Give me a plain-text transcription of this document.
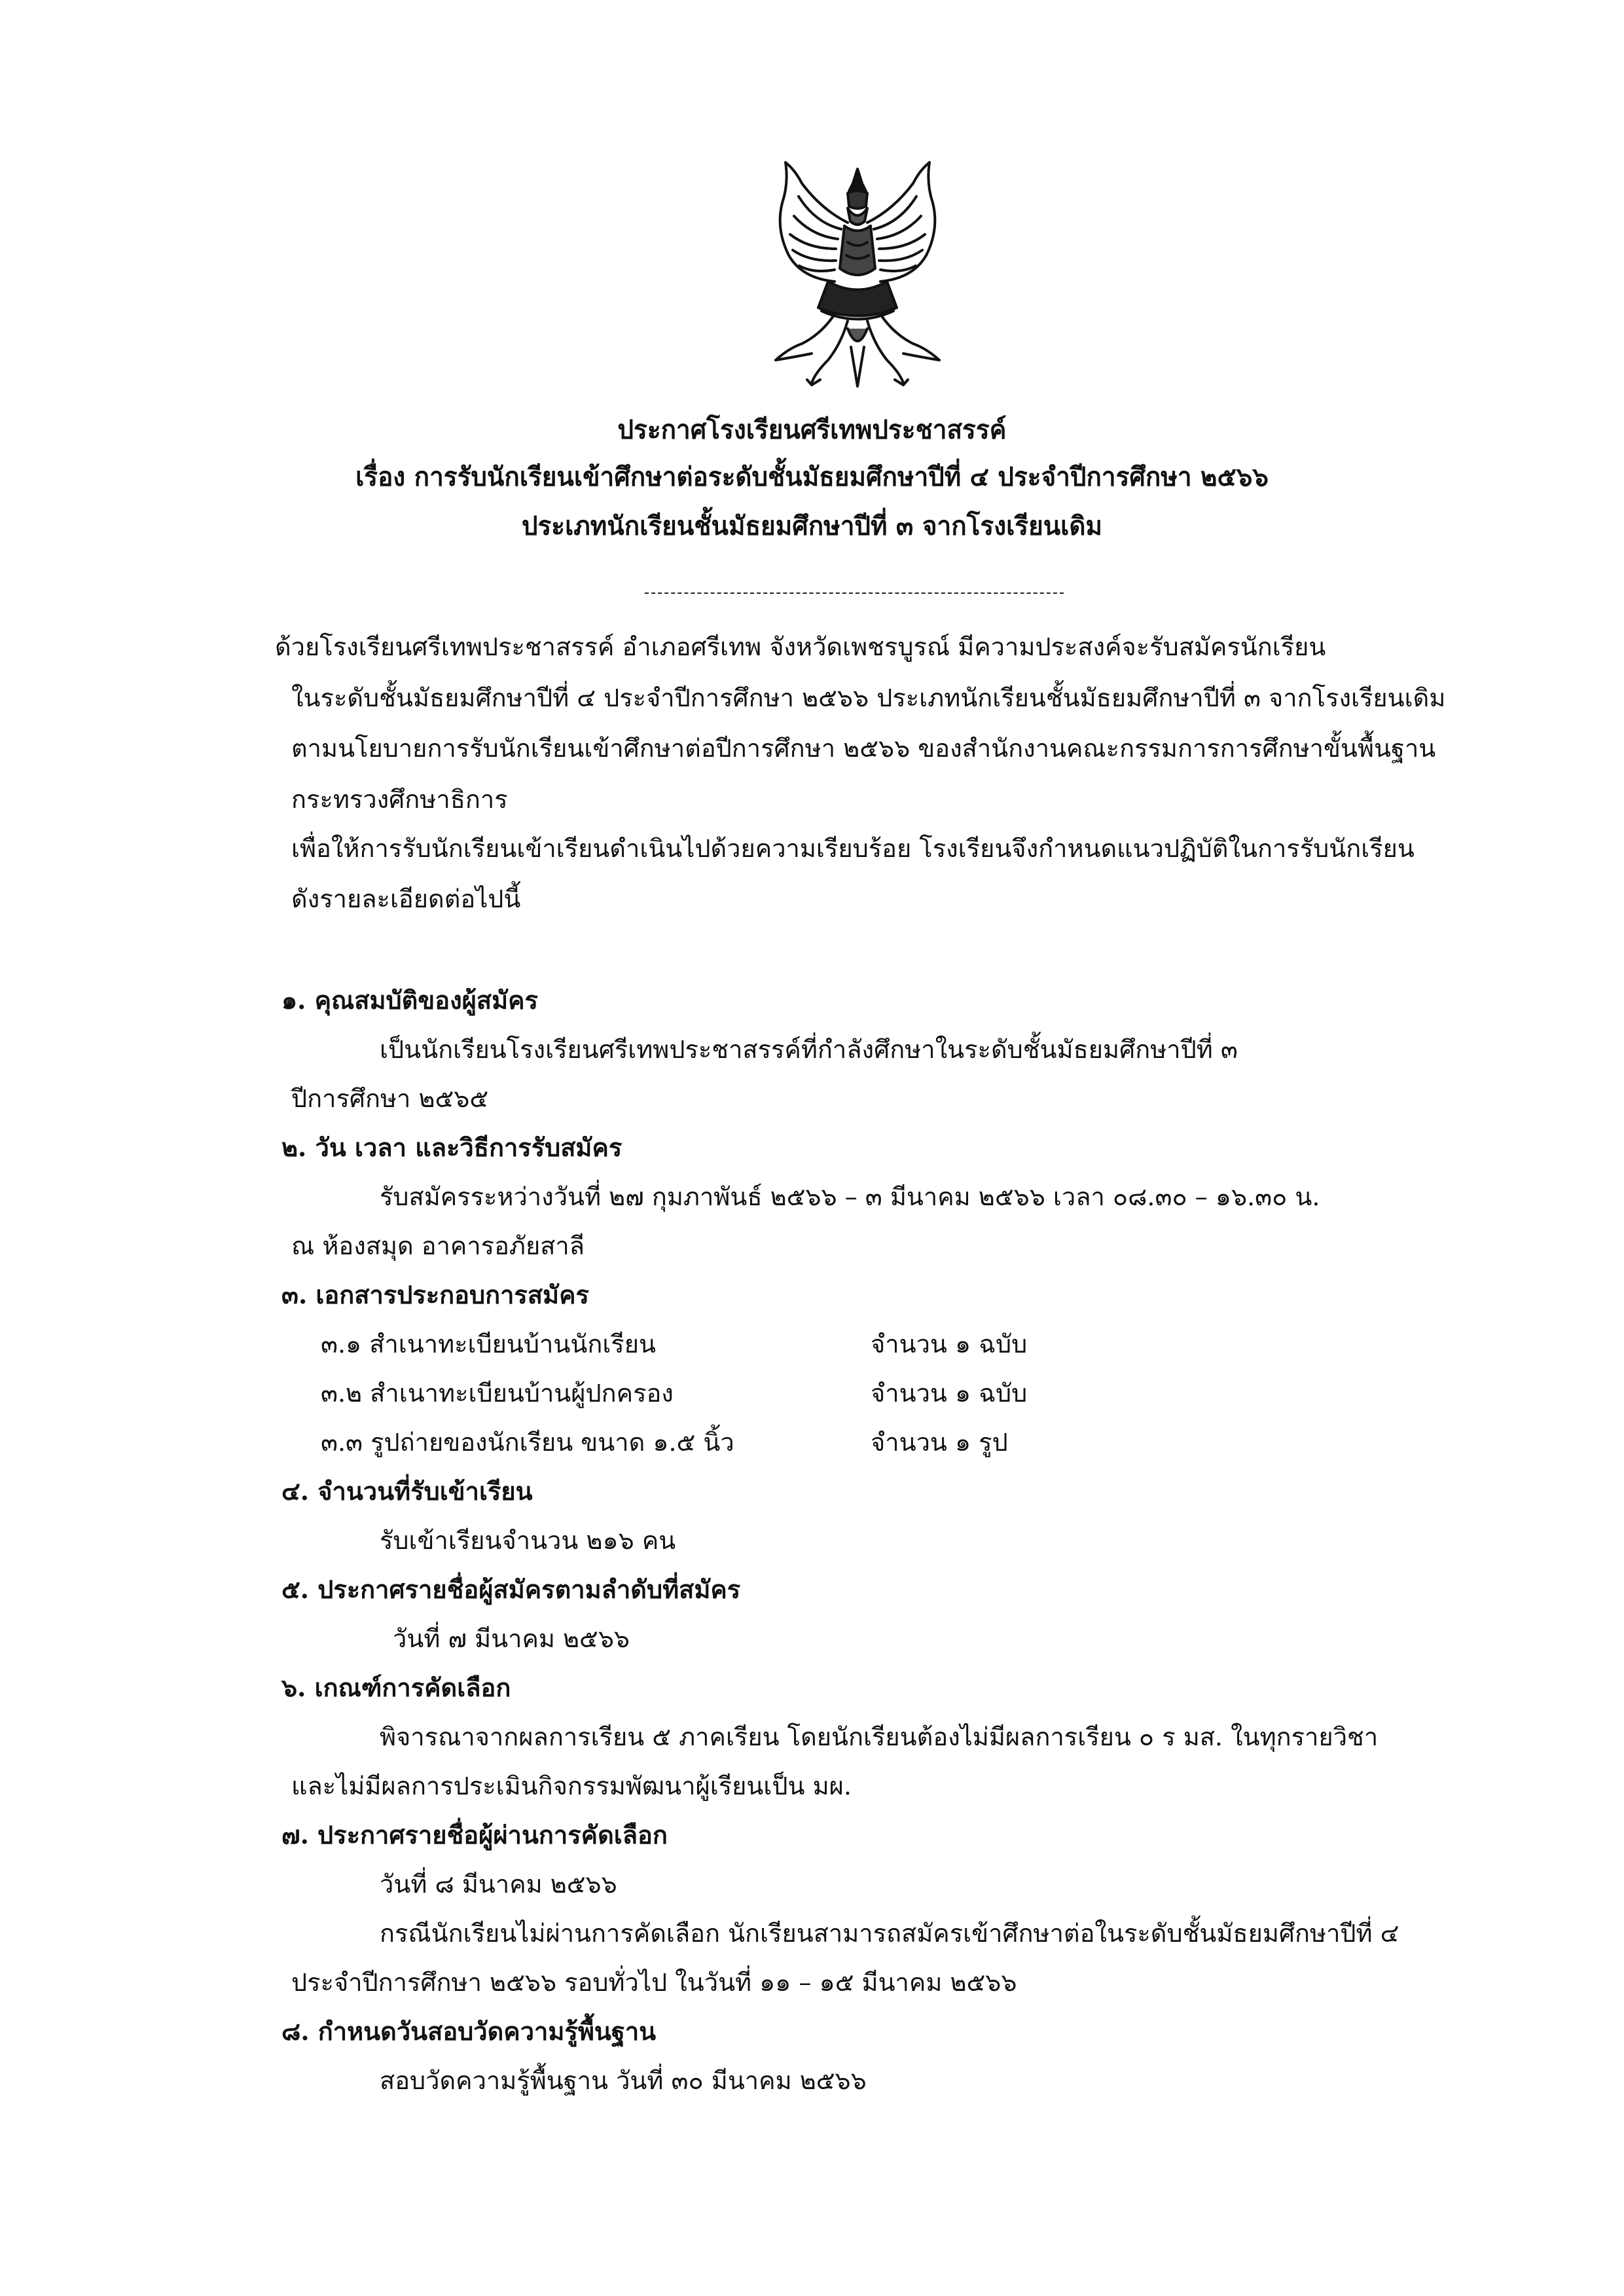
ประกาศโรงเรียนศรีเทพประชาสรรค์
เรื่อง การรับนักเรียนเข้าศึกษาต่อระดับชั้นมัธยมศึกษาปีที่ ๔ ประจำปีการศึกษา ๒๕๖๖
ประเภทนักเรียนชั้นมัธยมศึกษาปีที่ ๓ จากโรงเรียนเดิม
ด้วยโรงเรียนศรีเทพประชาสรรค์ อำเภอศรีเทพ จังหวัดเพชรบูรณ์ มีความประสงค์จะรับสมัครนักเรียน
ในระดับชั้นมัธยมศึกษาปีที่ ๔ ประจำปีการศึกษา ๒๕๖๖ ประเภทนักเรียนชั้นมัธยมศึกษาปีที่ ๓ จากโรงเรียนเดิม
ตามนโยบายการรับนักเรียนเข้าศึกษาต่อปีการศึกษา ๒๕๖๖ ของสำนักงานคณะกรรมการการศึกษาขั้นพื้นฐาน
กระทรวงศึกษาธิการ
เพื่อให้การรับนักเรียนเข้าเรียนดำเนินไปด้วยความเรียบร้อย โรงเรียนจึงกำหนดแนวปฏิบัติในการรับนักเรียน
ดังรายละเอียดต่อไปนี้
๑. คุณสมบัติของผู้สมัคร
เป็นนักเรียนโรงเรียนศรีเทพประชาสรรค์ที่กำลังศึกษาในระดับชั้นมัธยมศึกษาปีที่ ๓
ปีการศึกษา ๒๕๖๕
๒. วัน เวลา และวิธีการรับสมัคร
รับสมัครระหว่างวันที่ ๒๗ กุมภาพันธ์ ๒๕๖๖ – ๓ มีนาคม ๒๕๖๖ เวลา ๐๘.๓๐ – ๑๖.๓๐ น.
ณ ห้องสมุด อาคารอภัยสาลี
๓. เอกสารประกอบการสมัคร
๓.๑ สำเนาทะเบียนบ้านนักเรียน	จำนวน ๑ ฉบับ
๓.๒ สำเนาทะเบียนบ้านผู้ปกครอง	จำนวน ๑ ฉบับ
๓.๓ รูปถ่ายของนักเรียน ขนาด ๑.๕ นิ้ว	จำนวน ๑ รูป
๔. จำนวนที่รับเข้าเรียน
รับเข้าเรียนจำนวน ๒๑๖ คน
๕. ประกาศรายชื่อผู้สมัครตามลำดับที่สมัคร
วันที่ ๗ มีนาคม ๒๕๖๖
๖. เกณฑ์การคัดเลือก
พิจารณาจากผลการเรียน ๕ ภาคเรียน โดยนักเรียนต้องไม่มีผลการเรียน ๐ ร มส. ในทุกรายวิชา
และไม่มีผลการประเมินกิจกรรมพัฒนาผู้เรียนเป็น มผ.
๗. ประกาศรายชื่อผู้ผ่านการคัดเลือก
วันที่ ๘ มีนาคม ๒๕๖๖
กรณีนักเรียนไม่ผ่านการคัดเลือก นักเรียนสามารถสมัครเข้าศึกษาต่อในระดับชั้นมัธยมศึกษาปีที่ ๔
ประจำปีการศึกษา ๒๕๖๖ รอบทั่วไป ในวันที่ ๑๑ – ๑๕ มีนาคม ๒๕๖๖
๘. กำหนดวันสอบวัดความรู้พื้นฐาน
สอบวัดความรู้พื้นฐาน วันที่ ๓๐ มีนาคม ๒๕๖๖
